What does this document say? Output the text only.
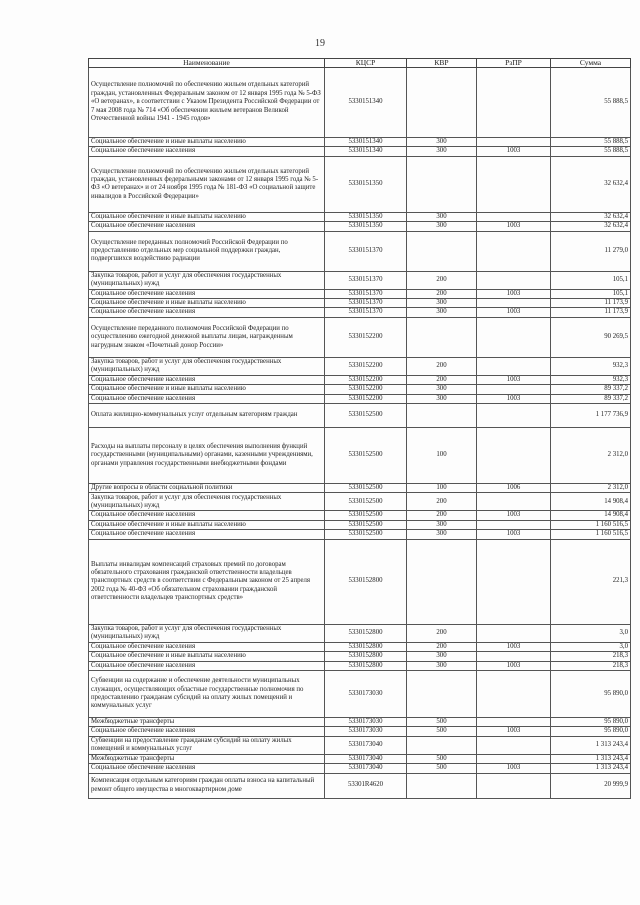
19
Наименование	КЦСР	КВР	РзПР	Сумма
Осуществление полномочий по обеспечению жильем отдельных категорий граждан, установленных Федеральным законом от 12 января 1995 года № 5-ФЗ «О ветеранах», в соответствии с Указом Президента Российской Федерации от 7 мая 2008 года № 714 «Об обеспечении жильем ветеранов Великой Отечественной войны 1941 - 1945 годов»	5330151340			55 888,5
Социальное обеспечение и иные выплаты населению	5330151340	300		55 888,5
Социальное обеспечение населения	5330151340	300	1003	55 888,5
Осуществление полномочий по обеспечению жильем отдельных категорий граждан, установленных федеральными законами от 12 января 1995 года № 5-ФЗ «О ветеранах» и от 24 ноября 1995 года № 181-ФЗ «О социальной защите инвалидов в Российской Федерации»	5330151350			32 632,4
Социальное обеспечение и иные выплаты населению	5330151350	300		32 632,4
Социальное обеспечение населения	5330151350	300	1003	32 632,4
Осуществление переданных полномочий Российской Федерации по предоставлению отдельных мер социальной поддержки граждан, подвергшихся воздействию радиации	5330151370			11 279,0
Закупка товаров, работ и услуг для обеспечения государственных (муниципальных) нужд	5330151370	200		105,1
Социальное обеспечение населения	5330151370	200	1003	105,1
Социальное обеспечение и иные выплаты населению	5330151370	300		11 173,9
Социальное обеспечение населения	5330151370	300	1003	11 173,9
Осуществление переданного полномочия Российской Федерации по осуществлению ежегодной денежной выплаты лицам, награжденным нагрудным знаком «Почетный донор России»	5330152200			90 269,5
Закупка товаров, работ и услуг для обеспечения государственных (муниципальных) нужд	5330152200	200		932,3
Социальное обеспечение населения	5330152200	200	1003	932,3
Социальное обеспечение и иные выплаты населению	5330152200	300		89 337,2
Социальное обеспечение населения	5330152200	300	1003	89 337,2
Оплата жилищно-коммунальных услуг отдельным категориям граждан	5330152500			1 177 736,9
Расходы на выплаты персоналу в целях обеспечения выполнения функций государственными (муниципальными) органами, казенными учреждениями, органами управления государственными внебюджетными фондами	5330152500	100		2 312,0
Другие вопросы в области социальной политики	5330152500	100	1006	2 312,0
Закупка товаров, работ и услуг для обеспечения государственных (муниципальных) нужд	5330152500	200		14 908,4
Социальное обеспечение населения	5330152500	200	1003	14 908,4
Социальное обеспечение и иные выплаты населению	5330152500	300		1 160 516,5
Социальное обеспечение населения	5330152500	300	1003	1 160 516,5
Выплаты инвалидам компенсаций страховых премий по договорам обязательного страхования гражданской ответственности владельцев транспортных средств в соответствии с Федеральным законом от 25 апреля 2002 года № 40-ФЗ «Об обязательном страховании гражданской ответственности владельцев транспортных средств»	5330152800			221,3
Закупка товаров, работ и услуг для обеспечения государственных (муниципальных) нужд	5330152800	200		3,0
Социальное обеспечение населения	5330152800	200	1003	3,0
Социальное обеспечение и иные выплаты населению	5330152800	300		218,3
Социальное обеспечение населения	5330152800	300	1003	218,3
Субвенции на содержание и обеспечение деятельности муниципальных служащих, осуществляющих областные государственные полномочия по предоставлению гражданам субсидий на оплату жилых помещений и коммунальных услуг	5330173030			95 890,0
Межбюджетные трансферты	5330173030	500		95 890,0
Социальное обеспечение населения	5330173030	500	1003	95 890,0
Субвенции на предоставление гражданам субсидий на оплату жилых помещений и коммунальных услуг	5330173040			1 313 243,4
Межбюджетные трансферты	5330173040	500		1 313 243,4
Социальное обеспечение населения	5330173040	500	1003	1 313 243,4
Компенсация отдельным категориям граждан оплаты взноса на капитальный ремонт общего имущества в многоквартирном доме	53301R4620			20 999,9
